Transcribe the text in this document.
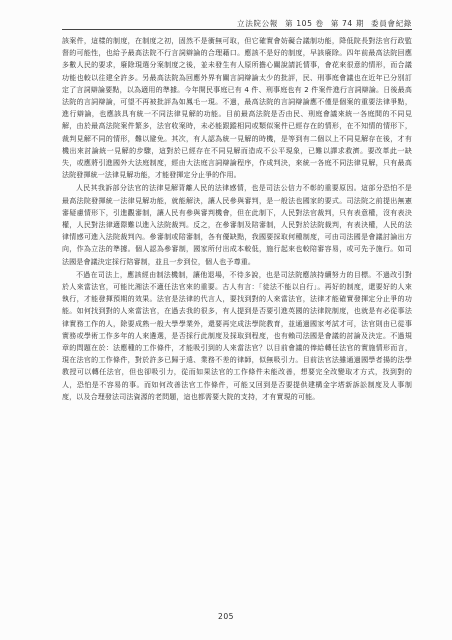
立法院公報 第 105 卷 第 74 期 委員會紀錄

該案件，這樣的制度，在制度之初，固然不是衝無可取，但它確實會妨礙合議制功能，降低院長對法官行政監督的可能性，也給予最高法院不行言詞辯論的合理藉口。應該不是好的制度，早該廢除。四年前最高法院回應多數人民的要求，廢除現選分案制度之後，並未發生有人原所擔心關說請託情事，會花來很意的情形，而合議功能也較以往建全許多。另最高法院為回應外界有關言詞辯論太少的批評，民、刑事庭會議也在近年已分別訂定了言詞辯論要點，以為適用的準據。今年開民事庭已有 4 件、刑事庭也有 2 件案件進行言詞辯論。日後最高法院的言詞辯論，可望不再被批評為如鳳毛一現。不過，最高法院的言詞辯論應不僅是個案的重要法律爭點，進行辯論，也應該具有統一不同法律見解的功能。目前最高法院是否由民、刑庭會議來統一各庭間的不同見解，由於最高法院案件繁多，法官收案時，未必能跟蹤相同或類似案件已經存在的情形，在不知情的情形下，裁判見解不同的情形，難以避免。其次，有人認為統一見解的時機，是等到有二個以上不同見解存在後，才有機出來討論統一見解的步驟，這對於已經存在不同見解而造成不公平現象，已難以譯求救濟。要改革此一缺失，或應將引進國外大法庭制度，經由大法庭言詞辯論程序，作成判決，來統一各庭不同法律見解，只有最高法院發揮統一法律見解功能，才能發揮定分止爭的作用。

人民其我訴部分法官的法律見解背離人民的法律感情，也是司法公信力不彰的重要原因。這部分恐怕不是最高法院發揮統一法律見解功能，就能解決，讓人民參與審判，是一般法也國家的要式。司法院之前提出無憲審疑慮情形下，引進觀審制，讓人民有參與審判機會，但在此制下，人民對法官裁判，只有表意權，沒有表決權，人民對法律適際難以進入法院裁判。反之，在參審制及陪審制，人民對於法院裁判，有表決權，人民的法律情感可進入法院裁判內。參審制或陪審制，各有優缺點，我國要採取何種制度，可由司法國是會議討論出方向，作為立法的準據。個人認為參審制，國家所付出成本較低，施行起來也較陪審容易，或可先予施行。如司法國是會議決定採行陪審制，並且一步到位，個人也予尊重。

不過在司法上，應該經由制法機制，讓他退場，不待多說，也是司法院應該持續努力的目標。不過改引對於人來當法官，可能比湘法不適任法官來的重要。古人有言：「徒法不能以自行」。再好的制度，還要好的人來執行，才能發揮預期的效果。法官是法律的代言人，要找到對的人來當法官，法律才能確實發揮定分止爭的功能。如何找到對的人來當法官，在過去我的很多，有人提到是否要引進英國的法律院制度，也就是有必從事法律實務工作的人，除要成熟一般大學學業外，還要再完成法學院教育，並通過國家考試才可，法官則由已從事實務或學術工作多年的人來遴選，是否採行此制度及採取到程度，也有賴司法國是會議的討論及決定。不過規章的問題在於：法應種的工作條件，才能吸引到的人來當法官？以目前會議的俸給轉任法官的實施情形而言，現在法官的工作條件，對於許多已歸于遠、業務不差的律師，似無吸引力。目前法官法雖通過國學者揚的法學教授可以轉任法官，但也卻吸引力，從而如果法官的工作條件未能改善，想要完全改變取才方式，找到對的人，恐怕是不容易的事。而如何改善法官工作條件，可能又回到是否要提供建構金字塔新訴訟制度及人事制度，以及合理發法司法資源的老問題，這也都需要大院的支持，才有實現的可能。

205
